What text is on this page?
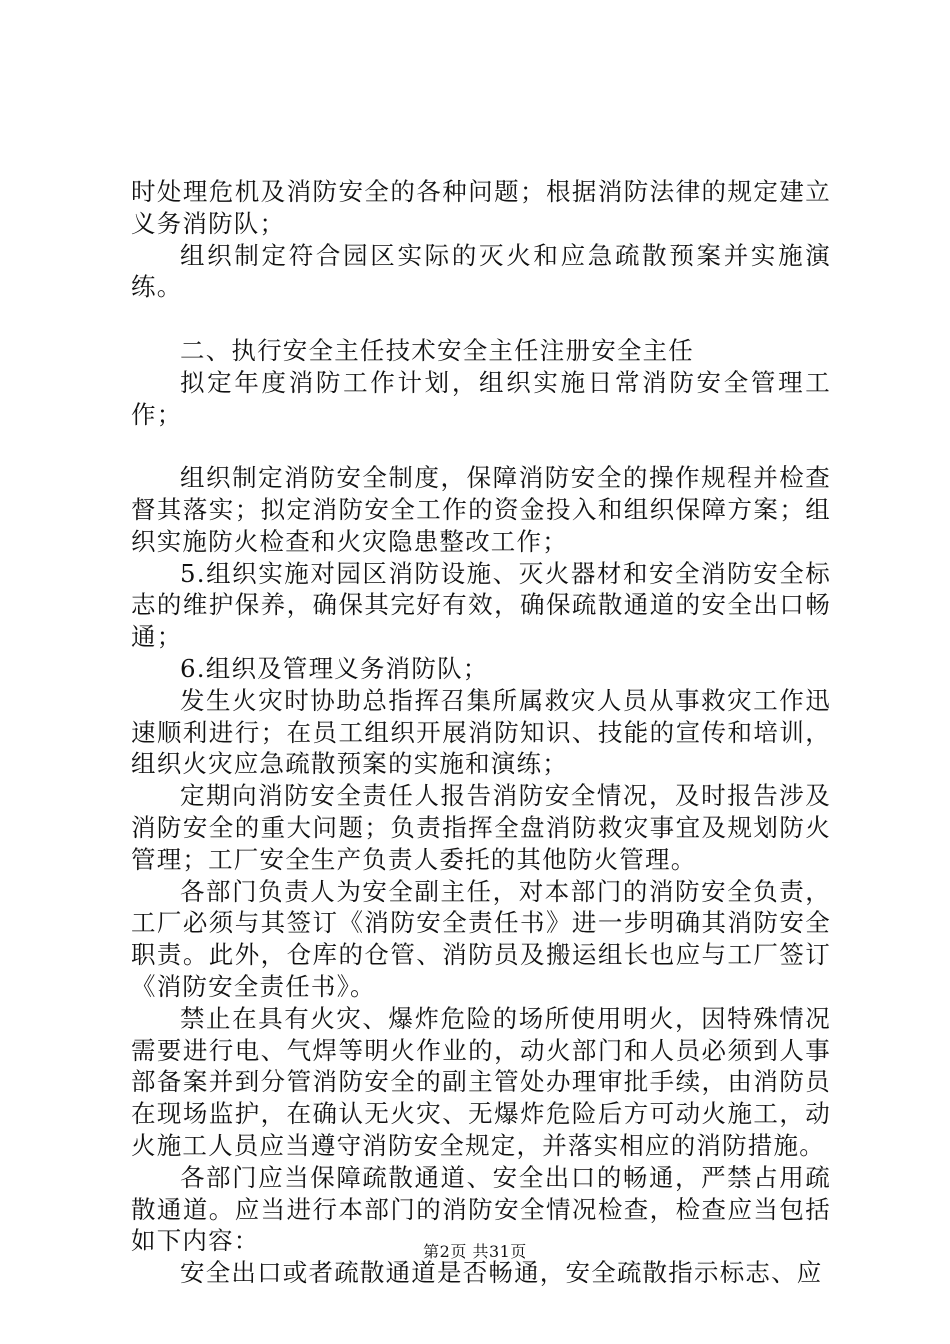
时处理危机及消防安全的各种问题；根据消防法律的规定建立义务消防队；

组织制定符合园区实际的灭火和应急疏散预案并实施演练。

二、执行安全主任技术安全主任注册安全主任

拟定年度消防工作计划，组织实施日常消防安全管理工作；

组织制定消防安全制度，保障消防安全的操作规程并检查督其落实；拟定消防安全工作的资金投入和组织保障方案；组织实施防火检查和火灾隐患整改工作；

5.组织实施对园区消防设施、灭火器材和安全消防安全标志的维护保养，确保其完好有效，确保疏散通道的安全出口畅通；

6.组织及管理义务消防队；

发生火灾时协助总指挥召集所属救灾人员从事救灾工作迅速顺利进行；在员工组织开展消防知识、技能的宣传和培训，组织火灾应急疏散预案的实施和演练；

定期向消防安全责任人报告消防安全情况，及时报告涉及消防安全的重大问题；负责指挥全盘消防救灾事宜及规划防火管理；工厂安全生产负责人委托的其他防火管理。

各部门负责人为安全副主任，对本部门的消防安全负责，工厂必须与其签订《消防安全责任书》进一步明确其消防安全职责。此外，仓库的仓管、消防员及搬运组长也应与工厂签订《消防安全责任书》。

禁止在具有火灾、爆炸危险的场所使用明火，因特殊情况需要进行电、气焊等明火作业的，动火部门和人员必须到人事部备案并到分管消防安全的副主管处办理审批手续，由消防员在现场监护，在确认无火灾、无爆炸危险后方可动火施工，动火施工人员应当遵守消防安全规定，并落实相应的消防措施。

各部门应当保障疏散通道、安全出口的畅通，严禁占用疏散通道。应当进行本部门的消防安全情况检查，检查应当包括如下内容：

安全出口或者疏散通道是否畅通，安全疏散指示标志、应

第2页 共31页
